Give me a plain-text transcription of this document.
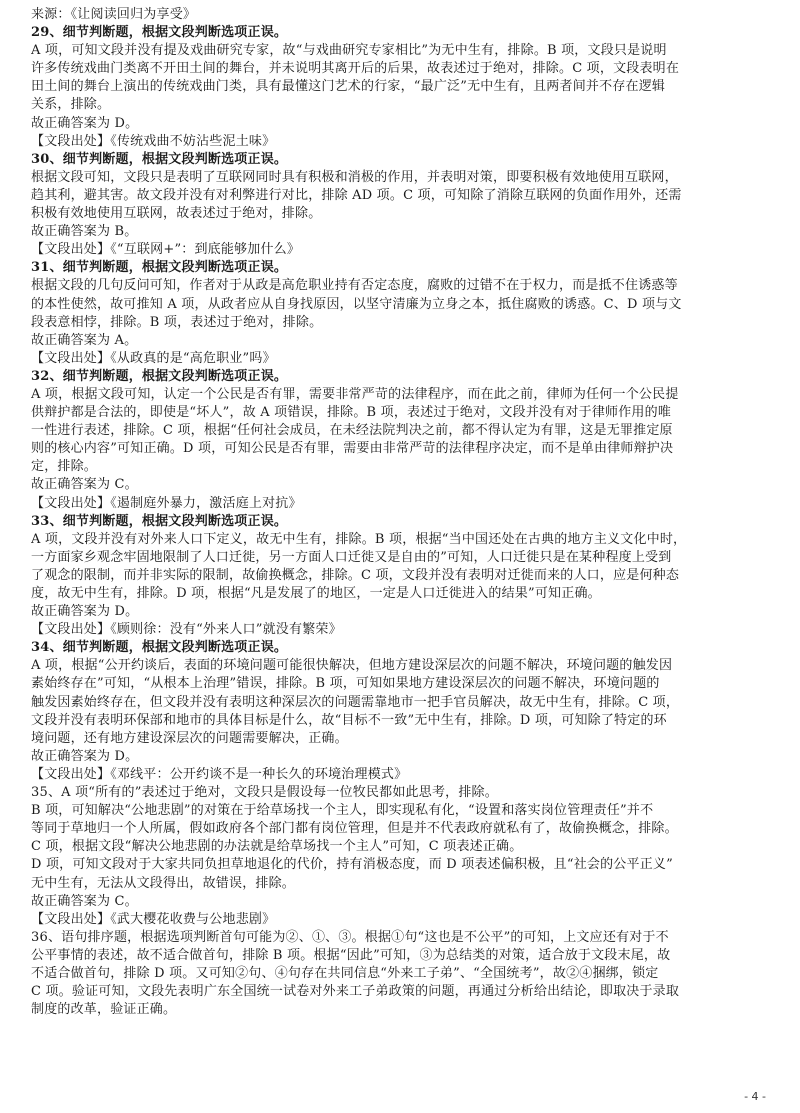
来源：《让阅读回归为享受》
29、细节判断题，根据文段判断选项正误。
A 项，可知文段并没有提及戏曲研究专家，故“与戏曲研究专家相比”为无中生有，排除。B 项，文段只是说明
许多传统戏曲门类离不开田土间的舞台，并未说明其离开后的后果，故表述过于绝对，排除。C 项，文段表明在
田土间的舞台上演出的传统戏曲门类，具有最懂这门艺术的行家，“最广泛”无中生有，且两者间并不存在逻辑
关系，排除。
故正确答案为 D。
【文段出处】《传统戏曲不妨沾些泥土味》
30、细节判断题，根据文段判断选项正误。
根据文段可知，文段只是表明了互联网同时具有积极和消极的作用，并表明对策，即要积极有效地使用互联网，
趋其利，避其害。故文段并没有对利弊进行对比，排除 AD 项。C 项，可知除了消除互联网的负面作用外，还需
积极有效地使用互联网，故表述过于绝对，排除。
故正确答案为 B。
【文段出处】《“互联网+”：到底能够加什么》
31、细节判断题，根据文段判断选项正误。
根据文段的几句反问可知，作者对于从政是高危职业持有否定态度，腐败的过错不在于权力，而是抵不住诱惑等
的本性使然，故可推知 A 项，从政者应从自身找原因，以坚守清廉为立身之本，抵住腐败的诱惑。C、D 项与文
段表意相悖，排除。B 项，表述过于绝对，排除。
故正确答案为 A。
【文段出处】《从政真的是“高危职业”吗》
32、细节判断题，根据文段判断选项正误。
A 项，根据文段可知，认定一个公民是否有罪，需要非常严苛的法律程序，而在此之前，律师为任何一个公民提
供辩护都是合法的，即使是“坏人”，故 A 项错误，排除。B 项，表述过于绝对，文段并没有对于律师作用的唯
一性进行表述，排除。C 项，根据“任何社会成员，在未经法院判决之前，都不得认定为有罪，这是无罪推定原
则的核心内容”可知正确。D 项，可知公民是否有罪，需要由非常严苛的法律程序决定，而不是单由律师辩护决
定，排除。
故正确答案为 C。
【文段出处】《遏制庭外暴力，激活庭上对抗》
33、细节判断题，根据文段判断选项正误。
A 项，文段并没有对外来人口下定义，故无中生有，排除。B 项，根据“当中国还处在古典的地方主义文化中时，
一方面家乡观念牢固地限制了人口迁徙，另一方面人口迁徙又是自由的”可知，人口迁徙只是在某种程度上受到
了观念的限制，而并非实际的限制，故偷换概念，排除。C 项，文段并没有表明对迁徙而来的人口，应是何种态
度，故无中生有，排除。D 项，根据“凡是发展了的地区，一定是人口迁徙进入的结果”可知正确。
故正确答案为 D。
【文段出处】《顾则徐：没有“外来人口”就没有繁荣》
34、细节判断题，根据文段判断选项正误。
A 项，根据“公开约谈后，表面的环境问题可能很快解决，但地方建设深层次的问题不解决，环境问题的触发因
素始终存在”可知，“从根本上治理”错误，排除。B 项，可知如果地方建设深层次的问题不解决，环境问题的
触发因素始终存在，但文段并没有表明这种深层次的问题需靠地市一把手官员解决，故无中生有，排除。C 项，
文段并没有表明环保部和地市的具体目标是什么，故“目标不一致”无中生有，排除。D 项，可知除了特定的环
境问题，还有地方建设深层次的问题需要解决，正确。
故正确答案为 D。
【文段出处】《邓线平：公开约谈不是一种长久的环境治理模式》
35、A 项“所有的”表述过于绝对，文段只是假设每一位牧民都如此思考，排除。
B 项，可知解决“公地悲剧”的对策在于给草场找一个主人，即实现私有化，“设置和落实岗位管理责任”并不
等同于草地归一个人所属，假如政府各个部门都有岗位管理，但是并不代表政府就私有了，故偷换概念，排除。
C 项，根据文段“解决公地悲剧的办法就是给草场找一个主人”可知，C 项表述正确。
D 项，可知文段对于大家共同负担草地退化的代价，持有消极态度，而 D 项表述偏积极，且“社会的公平正义”
无中生有，无法从文段得出，故错误，排除。
故正确答案为 C。
【文段出处】《武大樱花收费与公地悲剧》
36、语句排序题，根据选项判断首句可能为②、①、③。根据①句“这也是不公平”的可知，上文应还有对于不
公平事情的表述，故不适合做首句，排除 B 项。根据“因此”可知，③为总结类的对策，适合放于文段末尾，故
不适合做首句，排除 D 项。又可知②句、④句存在共同信息“外来工子弟”、“全国统考”，故②④捆绑，锁定
C 项。验证可知，文段先表明广东全国统一试卷对外来工子弟政策的问题，再通过分析给出结论，即取决于录取
制度的改革，验证正确。
- 4 -
